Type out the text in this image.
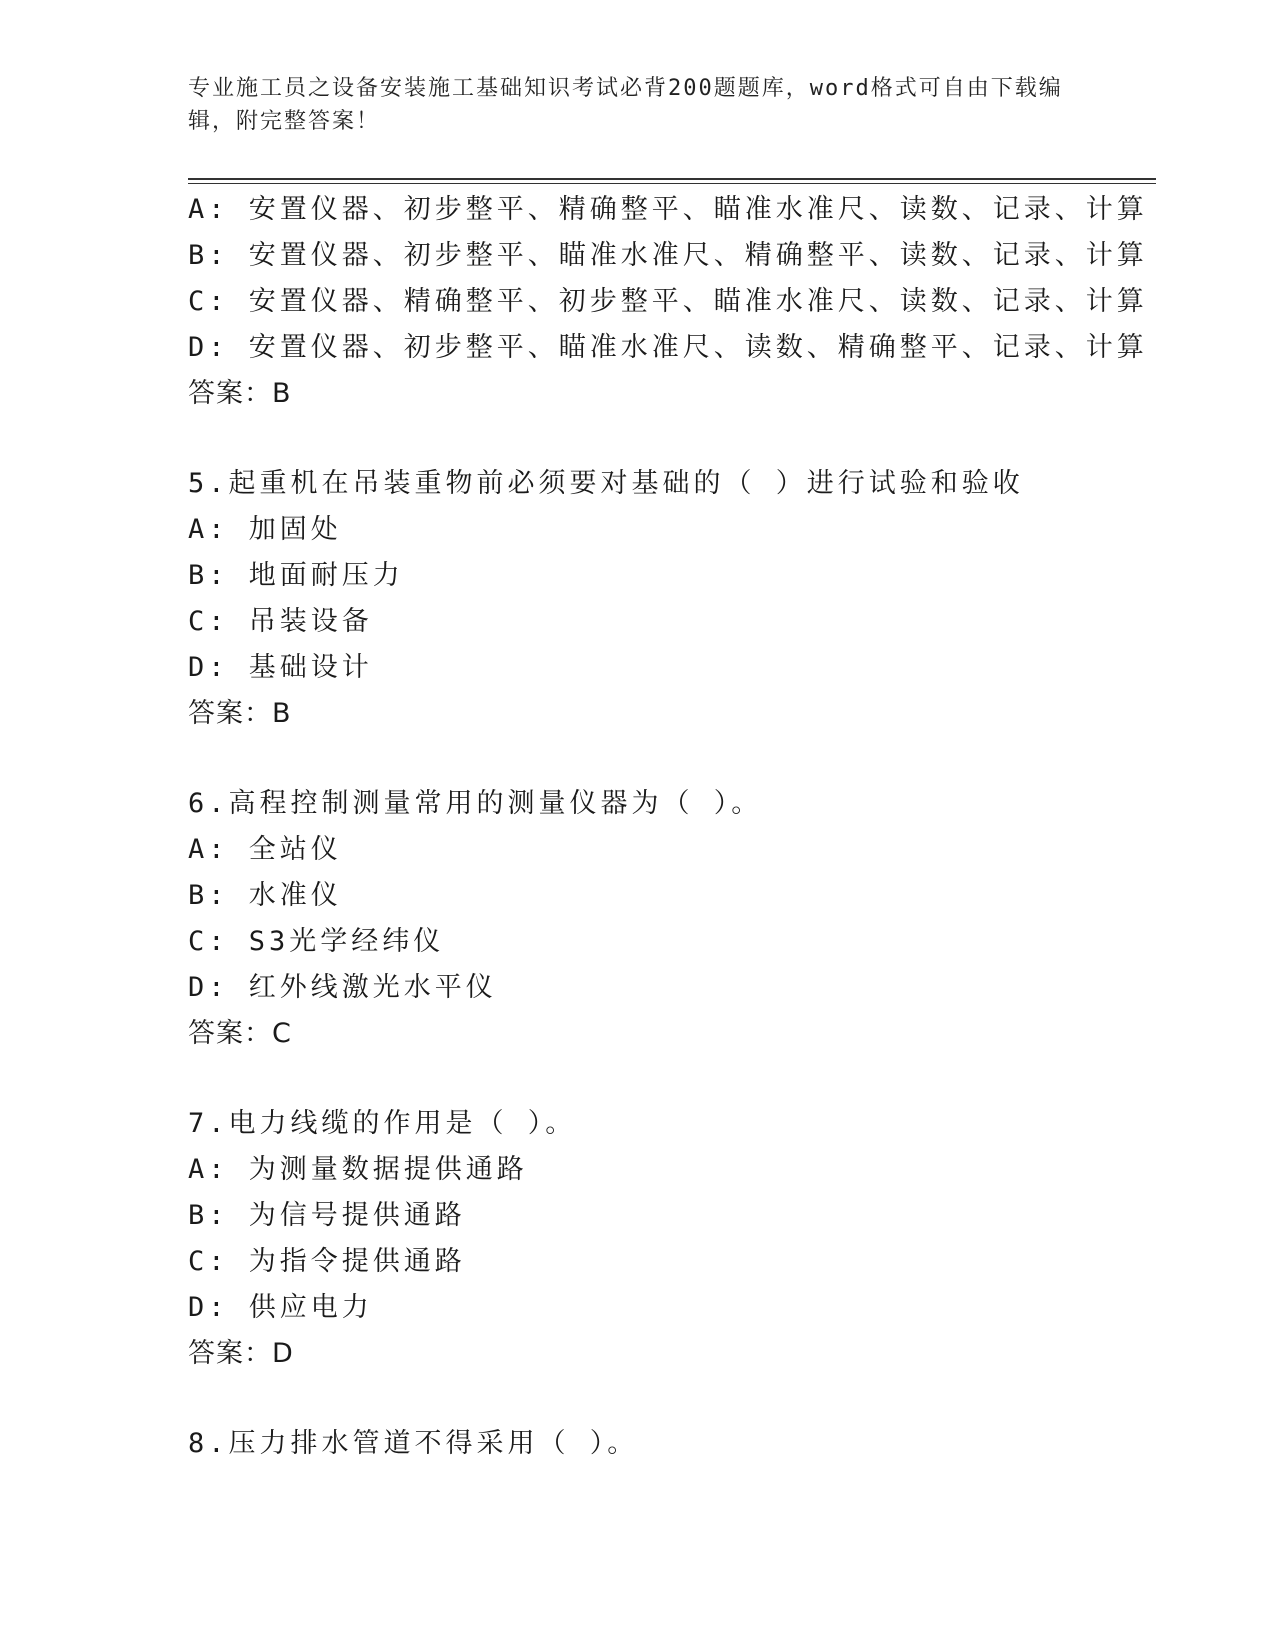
专业施工员之设备安装施工基础知识考试必背200题题库，word格式可自由下载编辑，附完整答案！
A: 安置仪器、初步整平、精确整平、瞄准水准尺、读数、记录、计算
B: 安置仪器、初步整平、瞄准水准尺、精确整平、读数、记录、计算
C: 安置仪器、精确整平、初步整平、瞄准水准尺、读数、记录、计算
D: 安置仪器、初步整平、瞄准水准尺、读数、精确整平、记录、计算
答案：B
5.起重机在吊装重物前必须要对基础的（ ）进行试验和验收
A: 加固处
B: 地面耐压力
C: 吊装设备
D: 基础设计
答案：B
6.高程控制测量常用的测量仪器为（ ）。
A: 全站仪
B: 水准仪
C: S3光学经纬仪
D: 红外线激光水平仪
答案：C
7.电力线缆的作用是（ ）。
A: 为测量数据提供通路
B: 为信号提供通路
C: 为指令提供通路
D: 供应电力
答案：D
8.压力排水管道不得采用（ ）。
